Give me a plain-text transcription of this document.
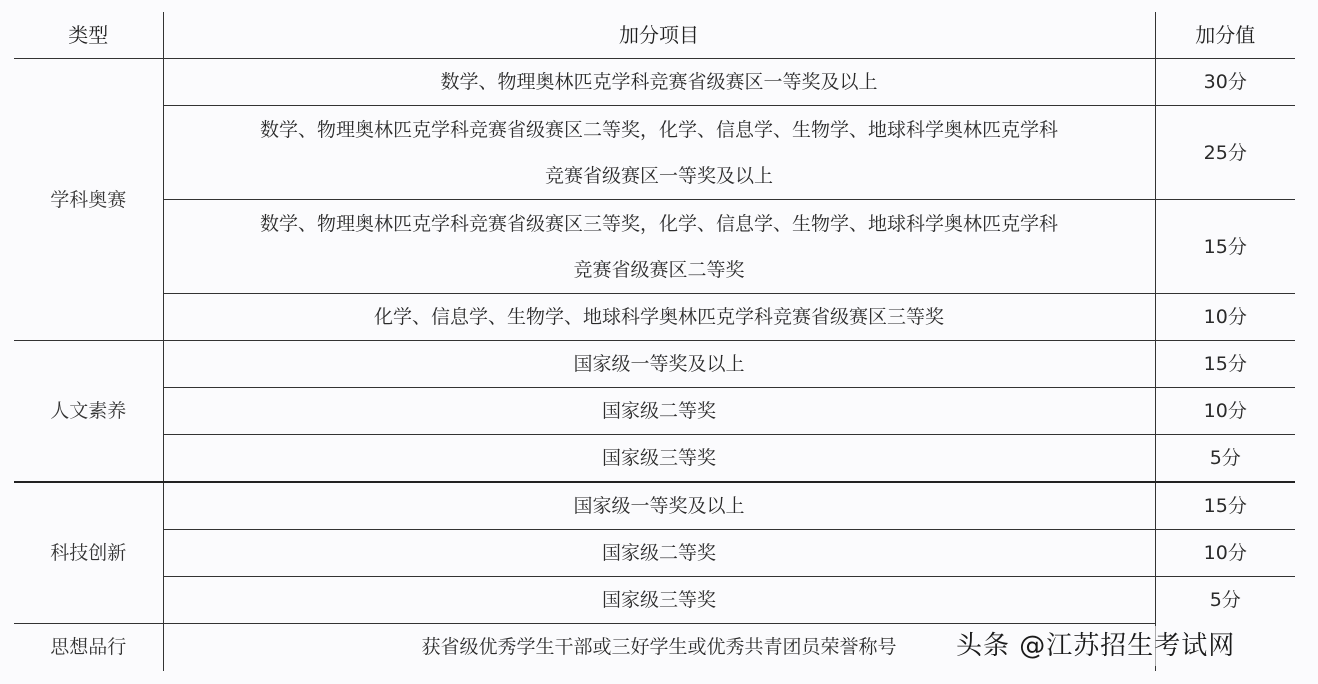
类型	加分项目	加分值
学科奥赛	数学、物理奥林匹克学科竞赛省级赛区一等奖及以上	30分

	数学、物理奥林匹克学科竞赛省级赛区二等奖，化学、信息学、生物学、地球科学奥林匹克学科
竞赛省级赛区一等奖及以上	25分

	数学、物理奥林匹克学科竞赛省级赛区三等奖，化学、信息学、生物学、地球科学奥林匹克学科
竞赛省级赛区二等奖	15分
	化学、信息学、生物学、地球科学奥林匹克学科竞赛省级赛区三等奖	10分
人文素养	国家级一等奖及以上	15分
	国家级二等奖	10分
	国家级三等奖	5分
科技创新	国家级一等奖及以上	15分
	国家级二等奖	10分
	国家级三等奖	5分
思想品行	获省级优秀学生干部或三好学生或优秀共青团员荣誉称号	头条 @江苏招生考试网
